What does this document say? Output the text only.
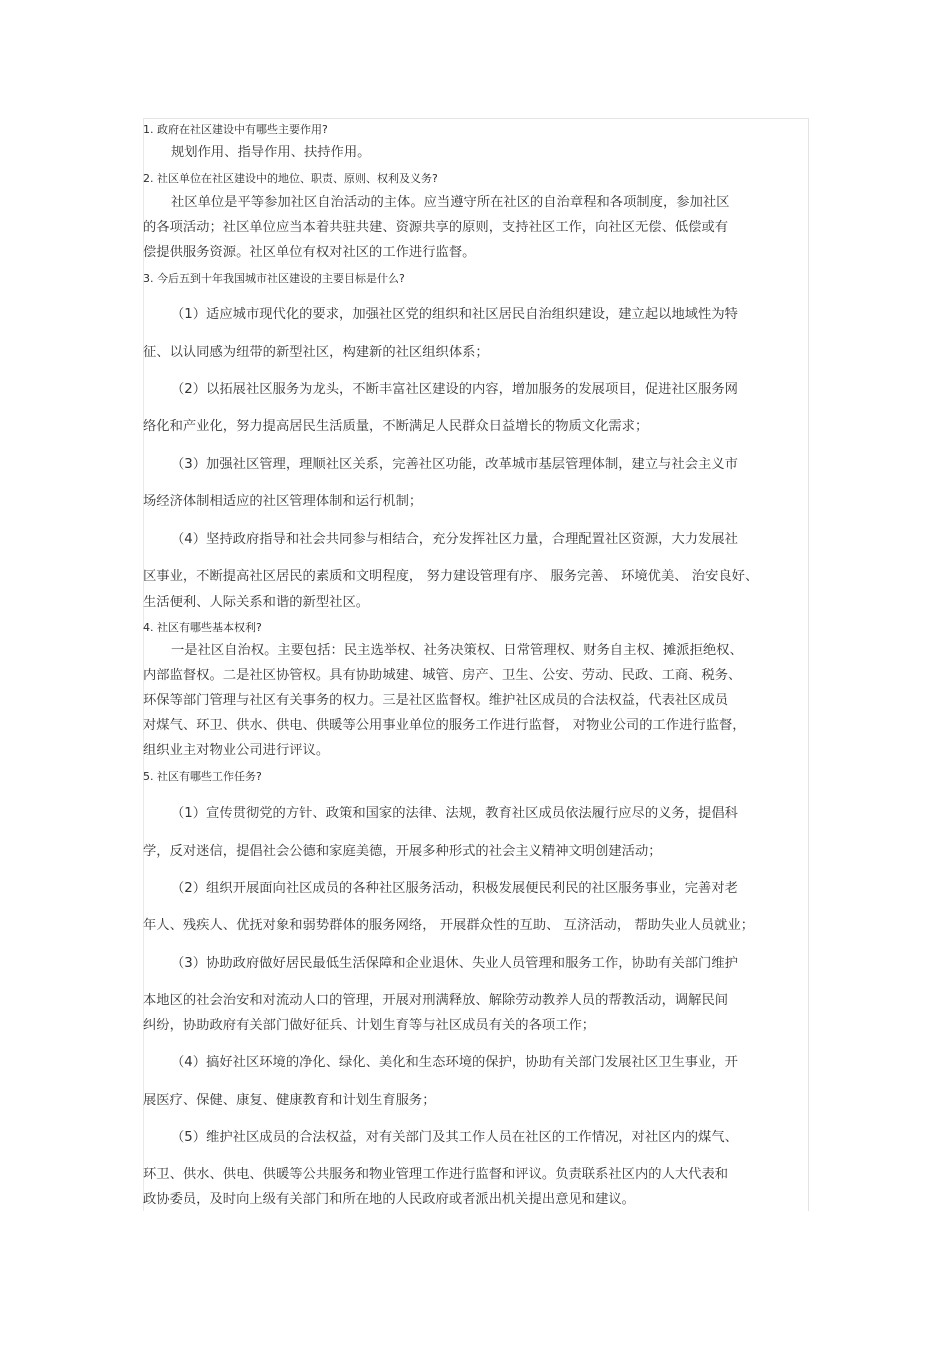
1. 政府在社区建设中有哪些主要作用?

规划作用、指导作用、扶持作用。

2. 社区单位在社区建设中的地位、职责、原则、权利及义务?

社区单位是平等参加社区自治活动的主体。应当遵守所在社区的自治章程和各项制度，参加社区

的各项活动；社区单位应当本着共驻共建、资源共享的原则，支持社区工作，向社区无偿、低偿或有

偿提供服务资源。社区单位有权对社区的工作进行监督。

3. 今后五到十年我国城市社区建设的主要目标是什么?

（1）适应城市现代化的要求，加强社区党的组织和社区居民自治组织建设，建立起以地域性为特

征、以认同感为纽带的新型社区，构建新的社区组织体系；

（2）以拓展社区服务为龙头，不断丰富社区建设的内容，增加服务的发展项目，促进社区服务网

络化和产业化，努力提高居民生活质量，不断满足人民群众日益增长的物质文化需求；

（3）加强社区管理，理顺社区关系，完善社区功能，改革城市基层管理体制，建立与社会主义市

场经济体制相适应的社区管理体制和运行机制；

（4）坚持政府指导和社会共同参与相结合，充分发挥社区力量，合理配置社区资源，大力发展社

区事业，不断提高社区居民的素质和文明程度， 努力建设管理有序、 服务完善、 环境优美、 治安良好、

生活便利、人际关系和谐的新型社区。

4. 社区有哪些基本权利?

一是社区自治权。主要包括：民主选举权、社务决策权、日常管理权、财务自主权、摊派拒绝权、

内部监督权。二是社区协管权。具有协助城建、城管、房产、卫生、公安、劳动、民政、工商、税务、

环保等部门管理与社区有关事务的权力。三是社区监督权。维护社区成员的合法权益，代表社区成员

对煤气、环卫、供水、供电、供暖等公用事业单位的服务工作进行监督， 对物业公司的工作进行监督，

组织业主对物业公司进行评议。

5. 社区有哪些工作任务?

（1）宣传贯彻党的方针、政策和国家的法律、法规，教育社区成员依法履行应尽的义务，提倡科

学，反对迷信，提倡社会公德和家庭美德，开展多种形式的社会主义精神文明创建活动；

（2）组织开展面向社区成员的各种社区服务活动，积极发展便民利民的社区服务事业，完善对老

年人、残疾人、优抚对象和弱势群体的服务网络， 开展群众性的互助、 互济活动， 帮助失业人员就业；

（3）协助政府做好居民最低生活保障和企业退休、失业人员管理和服务工作，协助有关部门维护

本地区的社会治安和对流动人口的管理，开展对刑满释放、解除劳动教养人员的帮教活动，调解民间

纠纷，协助政府有关部门做好征兵、计划生育等与社区成员有关的各项工作；

（4）搞好社区环境的净化、绿化、美化和生态环境的保护，协助有关部门发展社区卫生事业，开

展医疗、保健、康复、健康教育和计划生育服务；

（5）维护社区成员的合法权益，对有关部门及其工作人员在社区的工作情况，对社区内的煤气、

环卫、供水、供电、供暖等公共服务和物业管理工作进行监督和评议。负责联系社区内的人大代表和

政协委员，及时向上级有关部门和所在地的人民政府或者派出机关提出意见和建议。
